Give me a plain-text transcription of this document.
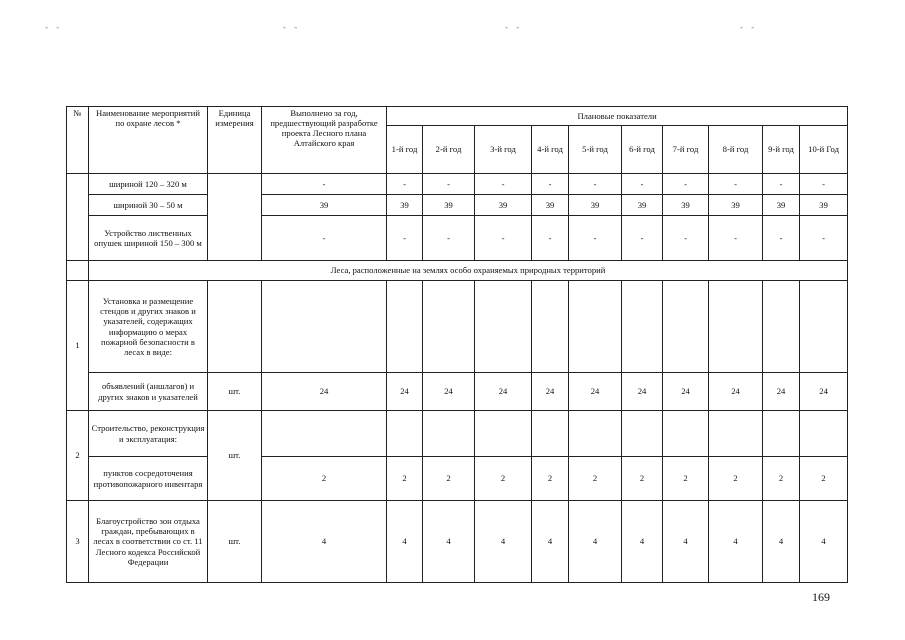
- -	- -	- -	- -
№	Наименование мероприятий по охране лесов *	Единица измерения	Выполнено за год, предшествующий разработке проекта Лесного плана Алтайского края	Плановые показатели									
				1-й год	2-й год	3-й год	4-й год	5-й год	6-й год	7-й год	8-й год	9-й год	10-й Год
	шириной 120 – 320 м		-	-	-	-	-	-	-	-	-	-	-
	шириной 30 – 50 м		39	39	39	39	39	39	39	39	39	39	39
	Устройство лиственных опушек шириной 150 – 300 м		-	-	-	-	-	-	-	-	-	-	-
	Леса, расположенные на землях особо охраняемых природных территорий												
1	Установка и размещение стендов и других знаков и указателей, содержащих информацию о мерах пожарной безопасности в лесах в виде:												
	объявлений (аншлагов) и других знаков и указателей	шт.	24	24	24	24	24	24	24	24	24	24	24
2	Строительство, реконструкция и эксплуатация:	шт.											
	пунктов сосредоточения противопожарного инвентаря		2	2	2	2	2	2	2	2	2	2	2
3	Благоустройство зон отдыха граждан, пребывающих в лесах в соответствии со ст. 11 Лесного кодекса Российской Федерации	шт.	4	4	4	4	4	4	4	4	4	4	4
169
